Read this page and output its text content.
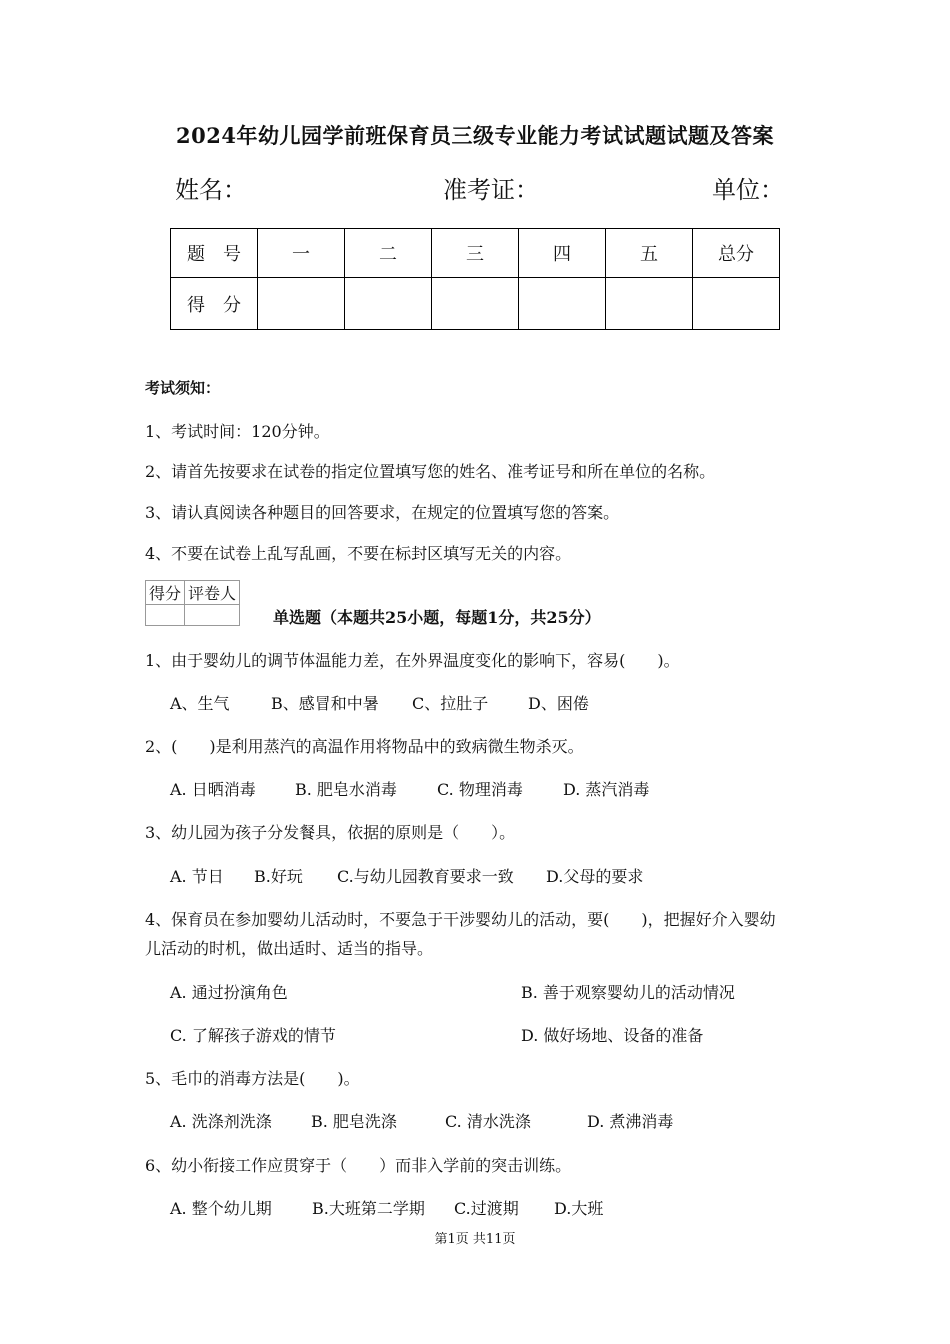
2024年幼儿园学前班保育员三级专业能力考试试题试题及答案
姓名：	准考证：	单位：
题　号	一	二	三	四	五	总分
得　分						
考试须知：
1、考试时间：120分钟。
2、请首先按要求在试卷的指定位置填写您的姓名、准考证号和所在单位的名称。
3、请认真阅读各种题目的回答要求，在规定的位置填写您的答案。
4、不要在试卷上乱写乱画，不要在标封区填写无关的内容。
得分	评卷人

单选题（本题共25小题，每题1分，共25分）
1、由于婴幼儿的调节体温能力差，在外界温度变化的影响下，容易(　　)。
A、生气	B、感冒和中暑 C、拉肚子 D、困倦
2、(　　)是利用蒸汽的高温作用将物品中的致病微生物杀灭。
A. 日晒消毒 B. 肥皂水消毒	C. 物理消毒	D. 蒸汽消毒
3、幼儿园为孩子分发餐具，依据的原则是（　　）。
A. 节日 B.好玩 C.与幼儿园教育要求一致 D.父母的要求
4、保育员在参加婴幼儿活动时，不要急于干涉婴幼儿的活动，要(　　)，把握好介入婴幼
儿活动的时机，做出适时、适当的指导。
A. 通过扮演角色	B. 善于观察婴幼儿的活动情况
C. 了解孩子游戏的情节	D. 做好场地、设备的准备
5、毛巾的消毒方法是(　　)。
A. 洗涤剂洗涤 B. 肥皂洗涤	C. 清水洗涤	D. 煮沸消毒
6、幼小衔接工作应贯穿于（　　）而非入学前的突击训练。
A. 整个幼儿期	B.大班第二学期 C.过渡期 D.大班
第1页 共11页
